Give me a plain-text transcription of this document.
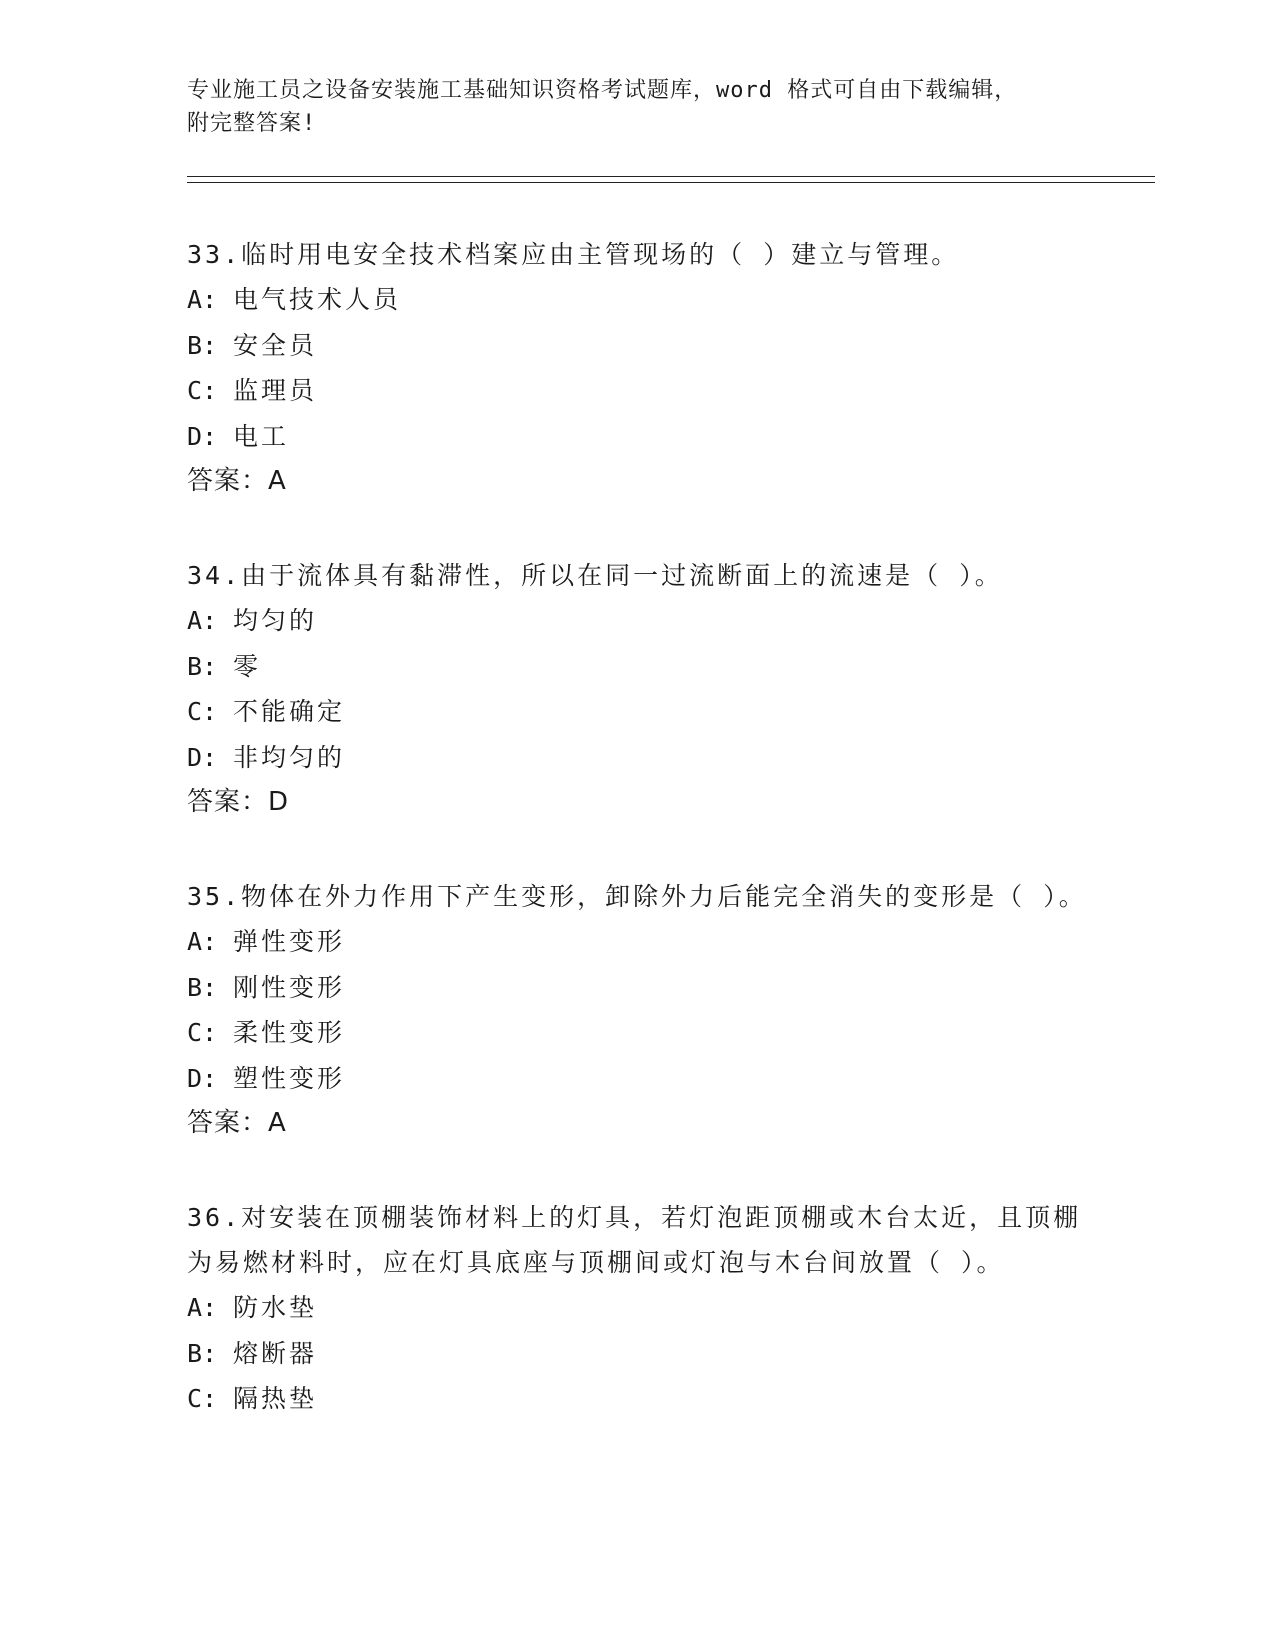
专业施工员之设备安装施工基础知识资格考试题库，word 格式可自由下载编辑，
附完整答案!

33.临时用电安全技术档案应由主管现场的（ ）建立与管理。

A: 电气技术人员

B: 安全员

C: 监理员

D: 电工

答案：A

34.由于流体具有黏滞性，所以在同一过流断面上的流速是（ ）。

A: 均匀的

B: 零

C: 不能确定

D: 非均匀的

答案：D

35.物体在外力作用下产生变形，卸除外力后能完全消失的变形是（ ）。

A: 弹性变形

B: 刚性变形

C: 柔性变形

D: 塑性变形

答案：A

36.对安装在顶棚装饰材料上的灯具，若灯泡距顶棚或木台太近，且顶棚为易燃材料时，应在灯具底座与顶棚间或灯泡与木台间放置（ ）。

A: 防水垫

B: 熔断器

C: 隔热垫
